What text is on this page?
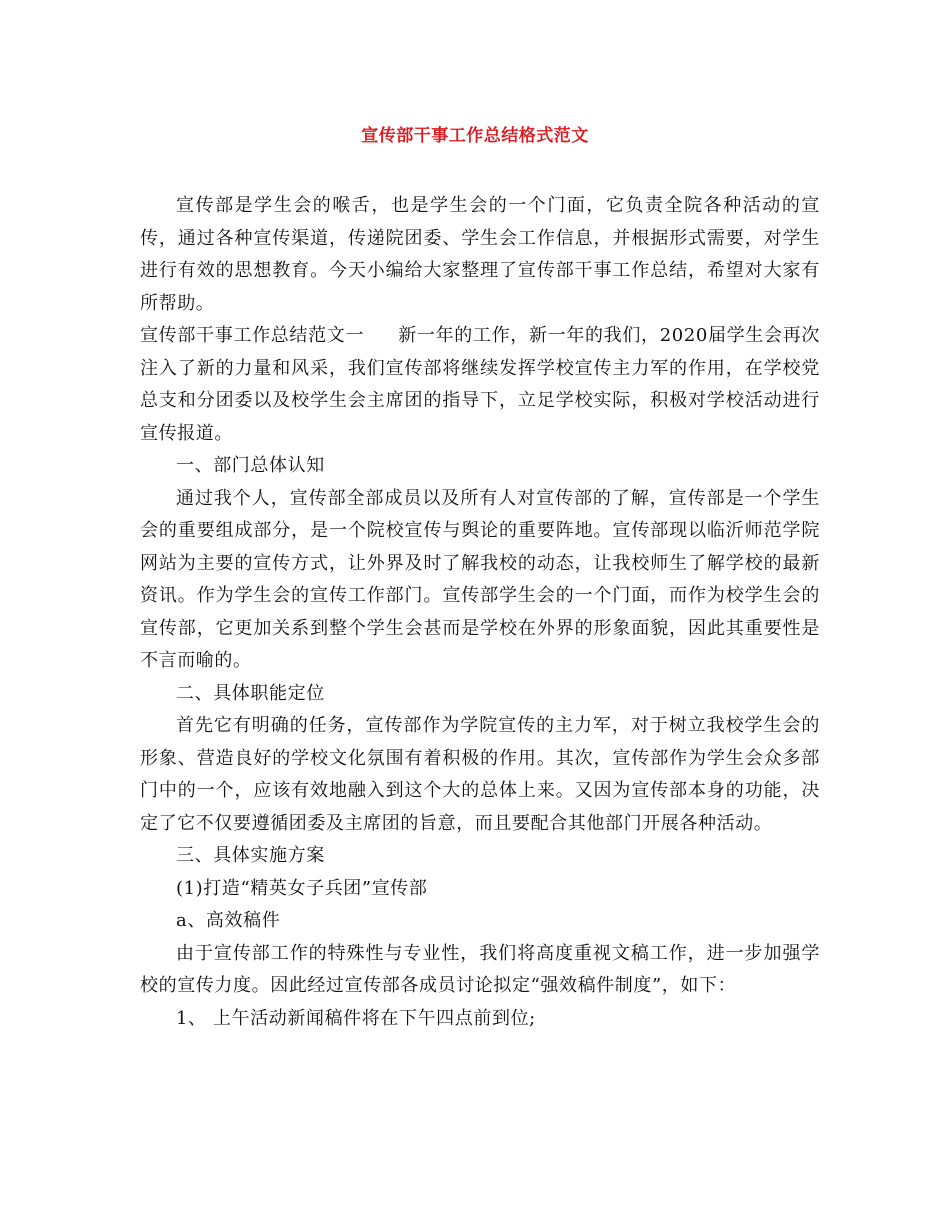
宣传部干事工作总结格式范文

宣传部是学生会的喉舌，也是学生会的一个门面，它负责全院各种活动的宣传，通过各种宣传渠道，传递院团委、学生会工作信息，并根据形式需要，对学生进行有效的思想教育。今天小编给大家整理了宣传部干事工作总结，希望对大家有所帮助。

宣传部干事工作总结范文一 新一年的工作，新一年的我们，2020届学生会再次注入了新的力量和风采，我们宣传部将继续发挥学校宣传主力军的作用，在学校党总支和分团委以及校学生会主席团的指导下，立足学校实际，积极对学校活动进行宣传报道。

一、部门总体认知

通过我个人，宣传部全部成员以及所有人对宣传部的了解，宣传部是一个学生会的重要组成部分，是一个院校宣传与舆论的重要阵地。宣传部现以临沂师范学院网站为主要的宣传方式，让外界及时了解我校的动态，让我校师生了解学校的最新资讯。作为学生会的宣传工作部门。宣传部学生会的一个门面，而作为校学生会的宣传部，它更加关系到整个学生会甚而是学校在外界的形象面貌，因此其重要性是不言而喻的。

二、具体职能定位

首先它有明确的任务，宣传部作为学院宣传的主力军，对于树立我校学生会的形象、营造良好的学校文化氛围有着积极的作用。其次，宣传部作为学生会众多部门中的一个，应该有效地融入到这个大的总体上来。又因为宣传部本身的功能，决定了它不仅要遵循团委及主席团的旨意，而且要配合其他部门开展各种活动。

三、具体实施方案

(1)打造“精英女子兵团”宣传部

a、高效稿件

由于宣传部工作的特殊性与专业性，我们将高度重视文稿工作，进一步加强学校的宣传力度。因此经过宣传部各成员讨论拟定“强效稿件制度”，如下：

1、 上午活动新闻稿件将在下午四点前到位;
